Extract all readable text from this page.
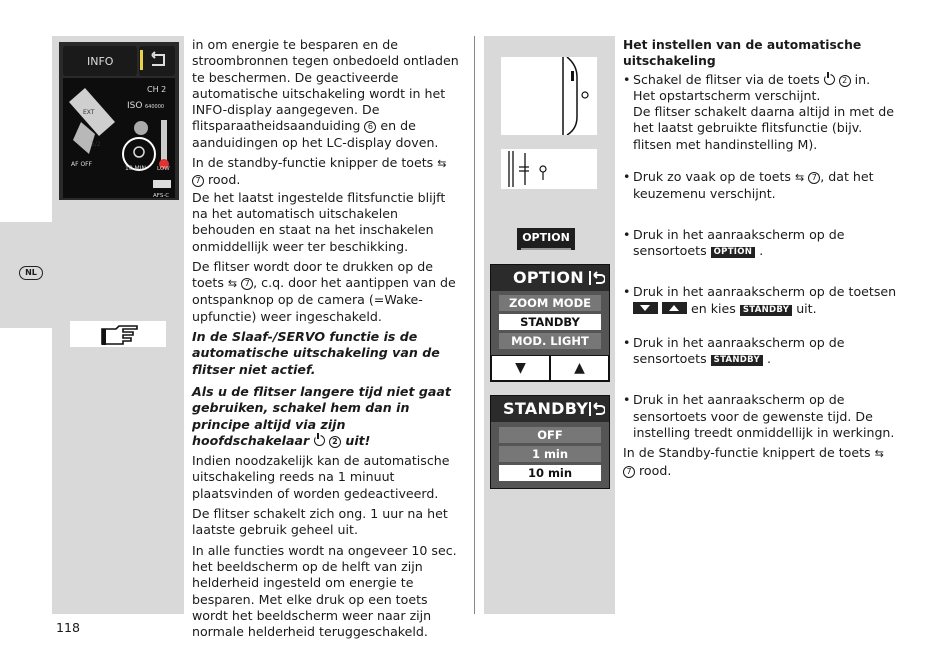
NL
INFO
CH 2
ISO 640000
EXT
1/2
10 MIN LOW
AF OFF
AFS-C

in om energie te besparen en de stroombronnen tegen onbedoeld ontladen te beschermen. De geactiveerde automatische uitschakeling wordt in het INFO-display aangegeven. De flitsparaatheidsaanduiding 6 en de aanduidingen op het LC-display doven.

In de standby-functie knipper de toets ⇆ 7 rood.

De het laatst ingestelde flitsfunctie blijft na het automatisch uitschakelen behouden en staat na het inschakelen onmiddellijk weer ter beschikking.

De flitser wordt door te drukken op de toets ⇆ 7 , c.q. door het aantippen van de ontspanknop op de camera (=Wake-upfunctie) weer ingeschakeld.

In de Slaaf-/SERVO functie is de automatische uitschakeling van de flitser niet actief.

Als u de flitser langere tijd niet gaat gebruiken, schakel hem dan in principe altijd via zijn hoofdschakelaar	2 uit!

Indien noodzakelijk kan de automatische uitschakeling reeds na 1 minuut plaatsvinden of worden gedeactiveerd.

De flitser schakelt zich ong. 1 uur na het laatste gebruik geheel uit.

In alle functies wordt na ongeveer 10 sec. het beeldscherm op de helft van zijn helderheid ingesteld om energie te besparen. Met elke druk op een toets wordt het beeldscherm weer naar zijn normale helderheid teruggeschakeld.

OPTION
OPTION
ZOOM MODE
STANDBY
MOD. LIGHT
▼	▲
STANDBY
OFF
1 min
10 min

Het instellen van de automatische uitschakeling

• Schakel de flitser via de toets	2 in.
Het opstartscherm verschijnt.
De flitser schakelt daarna altijd in met de het laatst gebruikte flitsfunctie (bijv. flitsen met handinstelling M).
• Druk zo vaak op de toets ⇆ 7 , dat het keuzemenu verschijnt.
• Druk in het aanraakscherm op de sensortoets OPTION .
• Druk in het aanraakscherm op de toetsen

en kies STANDBY uit.
• Druk in het aanraakscherm op de sensortoets STANDBY .
• Druk in het aanraakscherm op de sensortoets voor de gewenste tijd. De instelling treedt onmiddellijk in werkingn.

In de Standby-functie knippert de toets ⇆ 7 rood.

118
